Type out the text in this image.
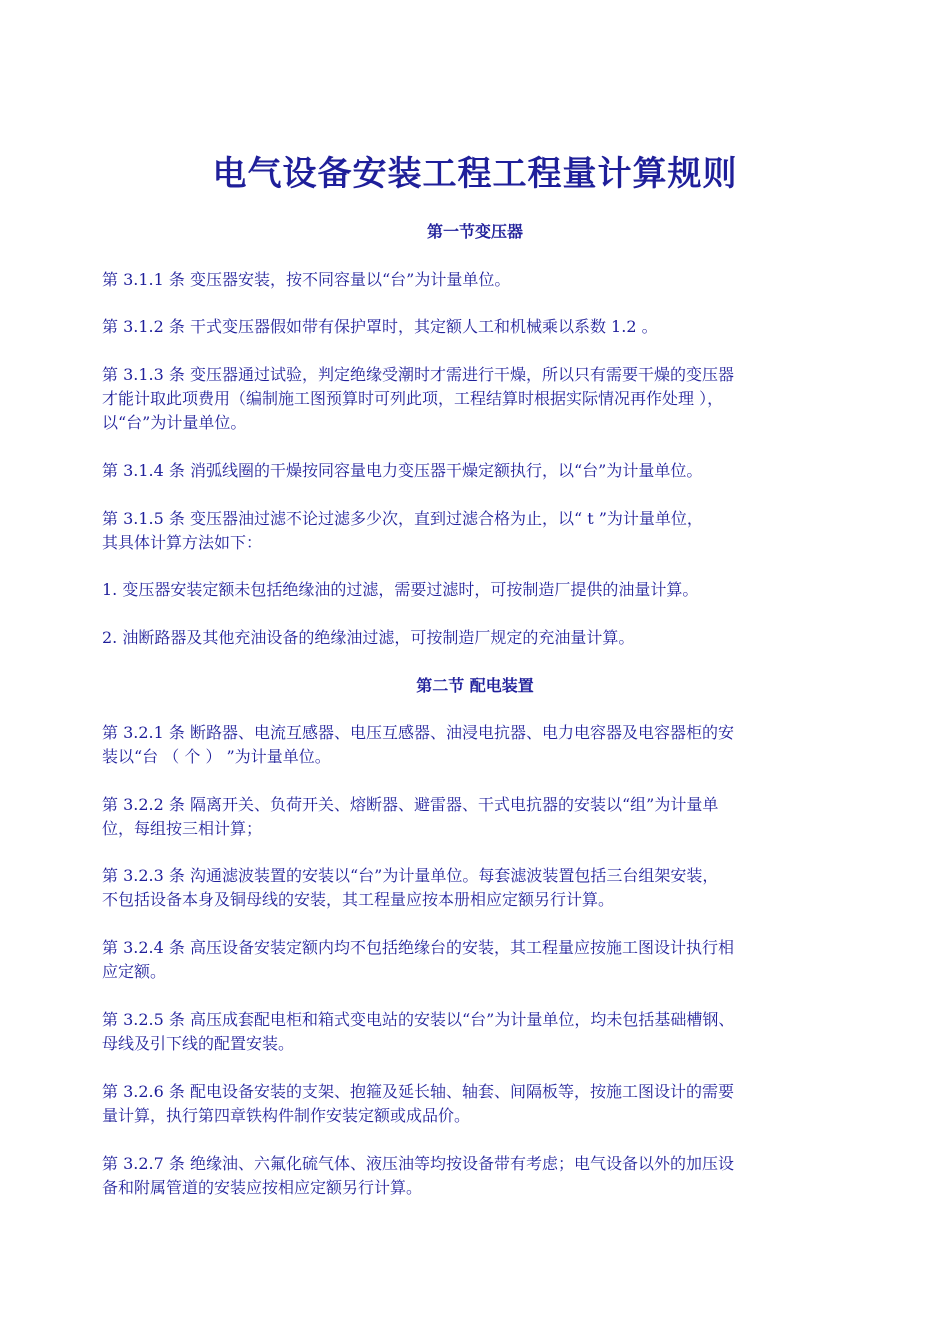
电气设备安装工程工程量计算规则
第一节变压器
第 3.1.1 条 变压器安装，按不同容量以“台”为计量单位。
第 3.1.2 条 干式变压器假如带有保护罩时，其定额人工和机械乘以系数 1.2 。
第 3.1.3 条 变压器通过试验，判定绝缘受潮时才需进行干燥，所以只有需要干燥的变压器
才能计取此项费用（编制施工图预算时可列此项，工程结算时根据实际情况再作处理 ），
以“台”为计量单位。
第 3.1.4 条 消弧线圈的干燥按同容量电力变压器干燥定额执行，以“台”为计量单位。
第 3.1.5 条 变压器油过滤不论过滤多少次，直到过滤合格为止，以“ t ”为计量单位，
其具体计算方法如下：
1. 变压器安装定额未包括绝缘油的过滤，需要过滤时，可按制造厂提供的油量计算。
2. 油断路器及其他充油设备的绝缘油过滤，可按制造厂规定的充油量计算。
第二节 配电装置
第 3.2.1 条 断路器、电流互感器、电压互感器、油浸电抗器、电力电容器及电容器柜的安
装以“台 （ 个 ） ”为计量单位。
第 3.2.2 条 隔离开关、负荷开关、熔断器、避雷器、干式电抗器的安装以“组”为计量单
位，每组按三相计算；
第 3.2.3 条 沟通滤波装置的安装以“台”为计量单位。每套滤波装置包括三台组架安装，
不包括设备本身及铜母线的安装，其工程量应按本册相应定额另行计算。
第 3.2.4 条 高压设备安装定额内均不包括绝缘台的安装，其工程量应按施工图设计执行相
应定额。
第 3.2.5 条 高压成套配电柜和箱式变电站的安装以“台”为计量单位，均未包括基础槽钢、
母线及引下线的配置安装。
第 3.2.6 条 配电设备安装的支架、抱箍及延长轴、轴套、间隔板等，按施工图设计的需要
量计算，执行第四章铁构件制作安装定额或成品价。
第 3.2.7 条 绝缘油、六氟化硫气体、液压油等均按设备带有考虑；电气设备以外的加压设
备和附属管道的安装应按相应定额另行计算。
